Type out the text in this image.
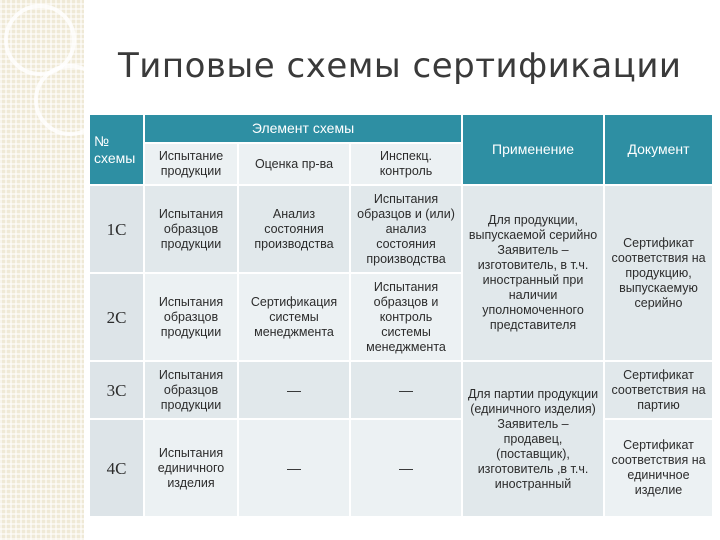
Типовые схемы сертификации
№ схемы	Элемент схемы			Применение	Документ
	Испытание продукции	Оценка пр-ва	Инспекц. контроль		
1С	Испытания образцов продукции	Анализ состояния производства	Испытания образцов и (или) анализ состояния производства	Для продукции, выпускаемой серийно Заявитель – изготовитель, в т.ч. иностранный при наличии уполномоченного представителя	Сертификат соответствия на продукцию, выпускаемую серийно
2С	Испытания образцов продукции	Сертификация системы менеджмента	Испытания образцов и контроль системы менеджмента		
3С	Испытания образцов продукции	—	—	Для партии продукции (единичного изделия) Заявитель – продавец, (поставщик), изготовитель ,в т.ч. иностранный	Сертификат соответствия на партию
4С	Испытания единичного изделия	—	—		Сертификат соответствия на единичное изделие
